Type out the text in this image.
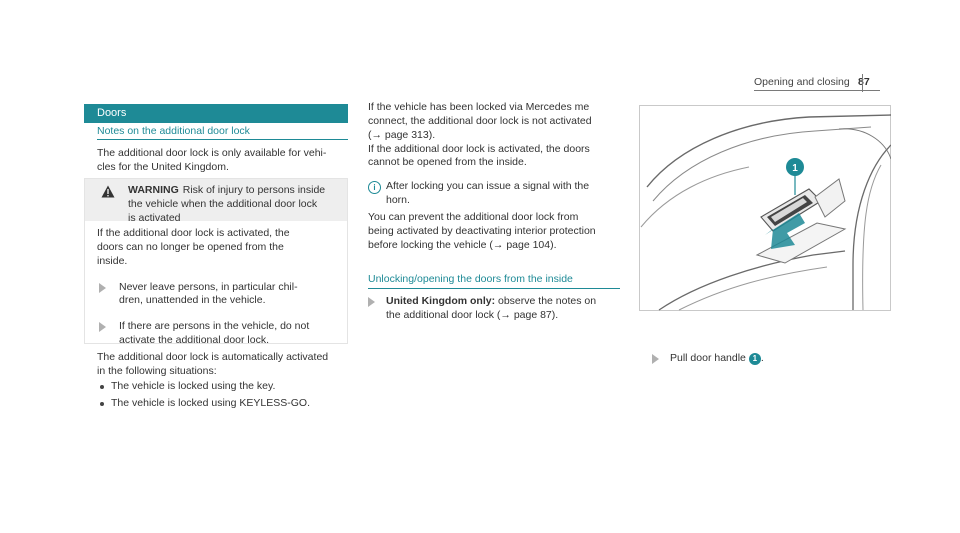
Opening and closing 87
Doors
Notes on the additional door lock

The additional door lock is only available for vehi-

cles for the United Kingdom.

WARNING Risk of injury to persons inside
the vehicle when the additional door lock
is activated

If the additional door lock is activated, the

doors can no longer be opened from the

inside.

Never leave persons, in particular chil-

dren, unattended in the vehicle.

If there are persons in the vehicle, do not

activate the additional door lock.

The additional door lock is automatically activated

in the following situations:

The vehicle is locked using the key.
The vehicle is locked using KEYLESS-GO.

If the vehicle has been locked via Mercedes me

connect, the additional door lock is not activated

(→ page 313).

If the additional door lock is activated, the doors

cannot be opened from the inside.

i After locking you can issue a signal with the

horn.

You can prevent the additional door lock from

being activated by deactivating interior protection

before locking the vehicle (→ page 104).

Unlocking/opening the doors from the inside

United Kingdom only: observe the notes on

the additional door lock (→ page 87).

1

Pull door handle 1 .
